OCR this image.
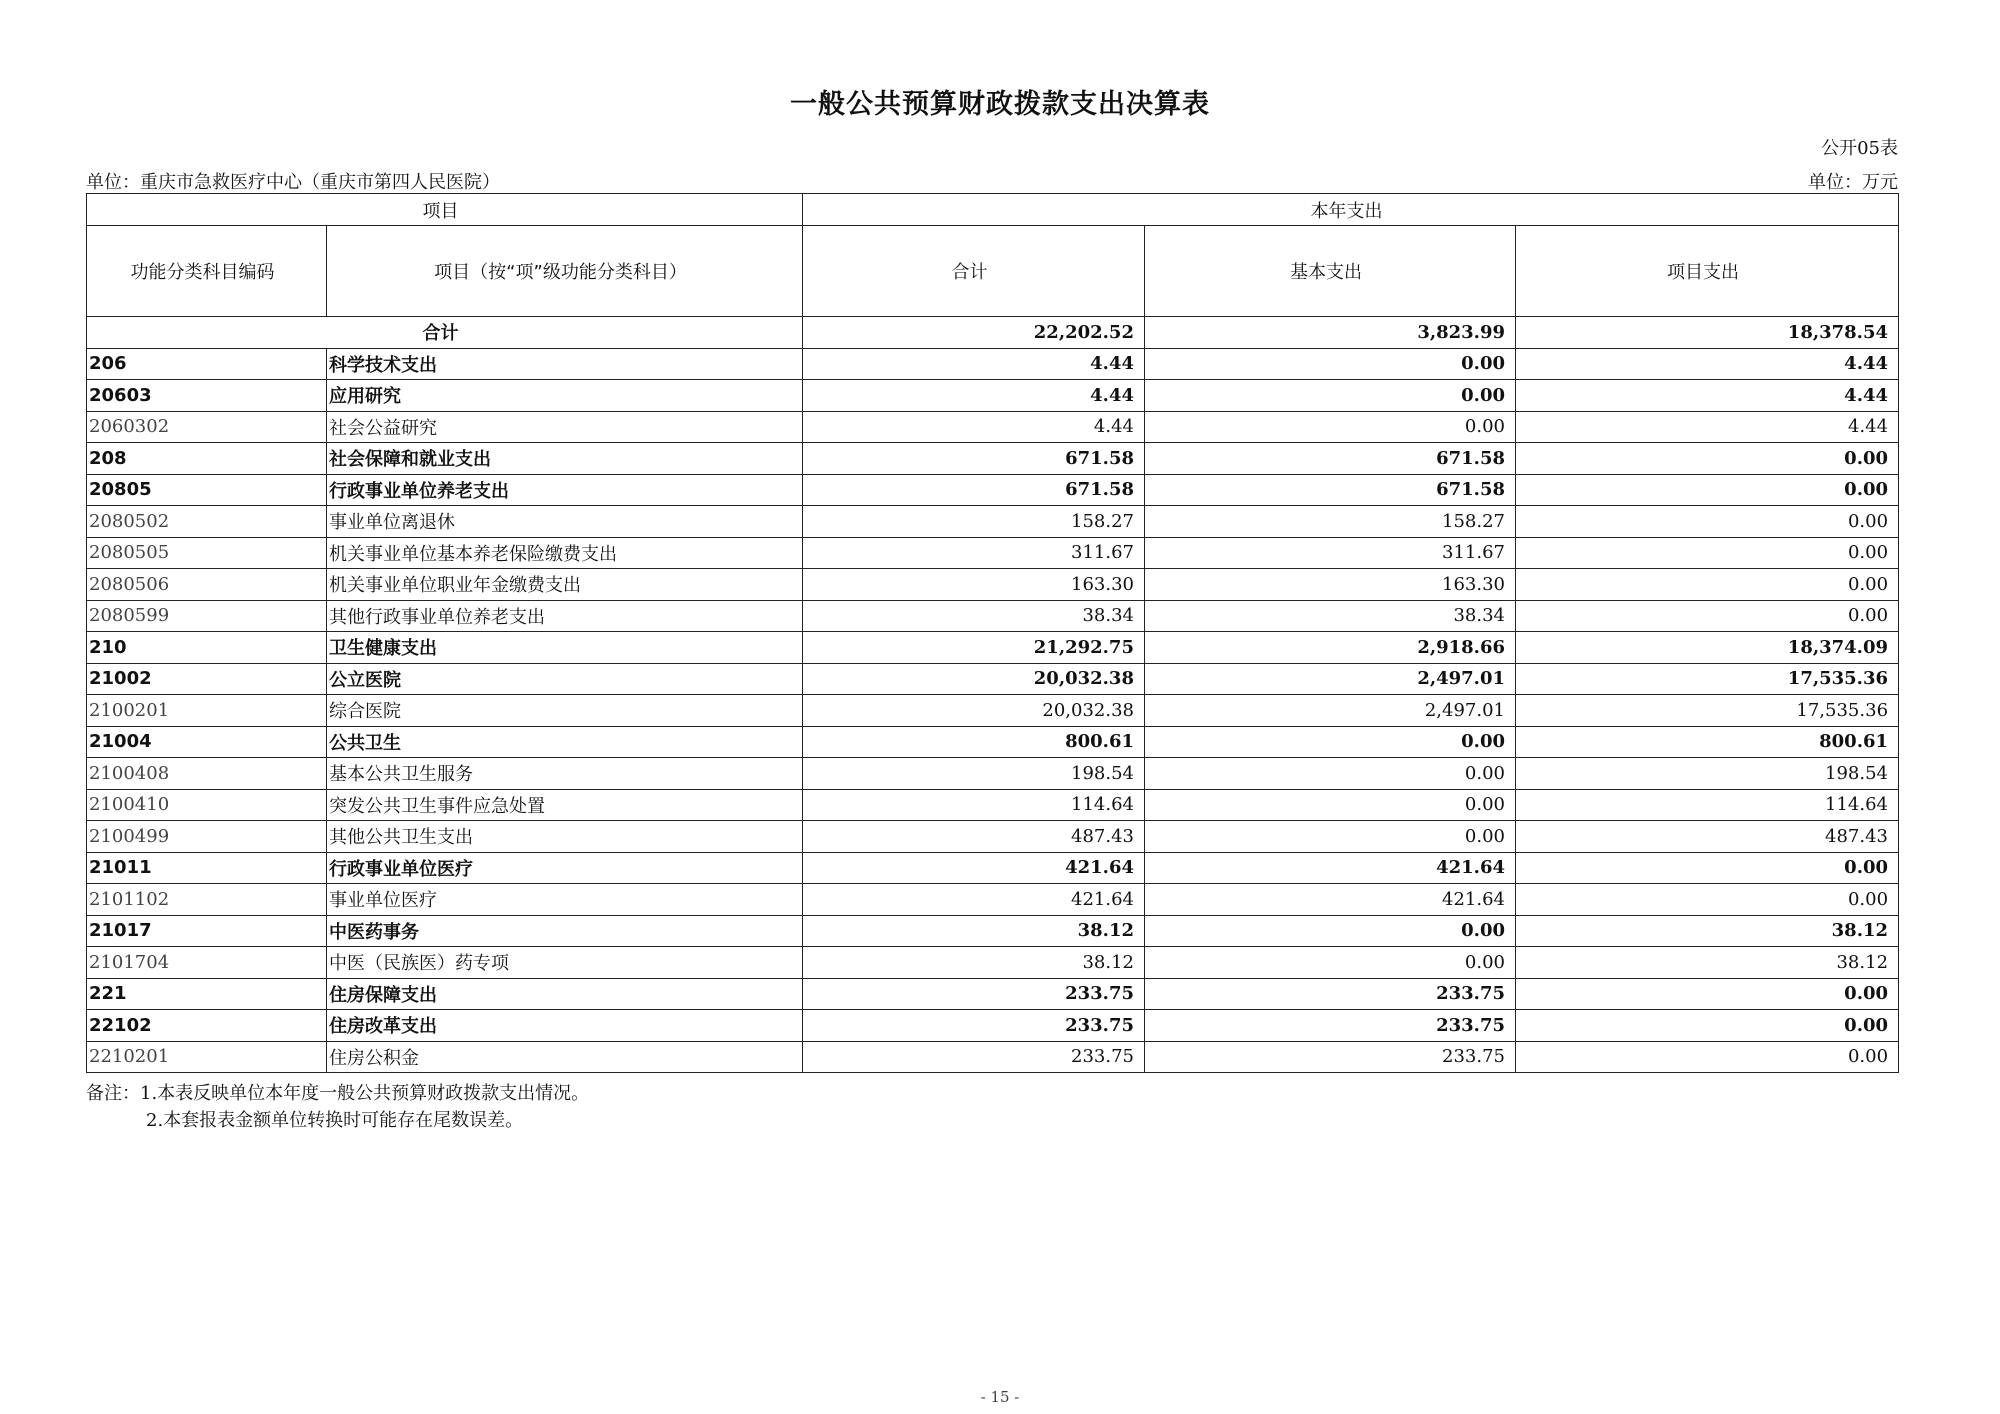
一般公共预算财政拨款支出决算表
公开05表
单位：重庆市急救医疗中心（重庆市第四人民医院）	单位：万元
项目		本年支出		
功能分类科目编码	项目（按“项”级功能分类科目）	合计	基本支出	项目支出
合计		22,202.52	3,823.99	18,378.54
206	科学技术支出	4.44	0.00	4.44
20603	应用研究	4.44	0.00	4.44
2060302	社会公益研究	4.44	0.00	4.44
208	社会保障和就业支出	671.58	671.58	0.00
20805	行政事业单位养老支出	671.58	671.58	0.00
2080502	事业单位离退休	158.27	158.27	0.00
2080505	机关事业单位基本养老保险缴费支出	311.67	311.67	0.00
2080506	机关事业单位职业年金缴费支出	163.30	163.30	0.00
2080599	其他行政事业单位养老支出	38.34	38.34	0.00
210	卫生健康支出	21,292.75	2,918.66	18,374.09
21002	公立医院	20,032.38	2,497.01	17,535.36
2100201	综合医院	20,032.38	2,497.01	17,535.36
21004	公共卫生	800.61	0.00	800.61
2100408	基本公共卫生服务	198.54	0.00	198.54
2100410	突发公共卫生事件应急处置	114.64	0.00	114.64
2100499	其他公共卫生支出	487.43	0.00	487.43
21011	行政事业单位医疗	421.64	421.64	0.00
2101102	事业单位医疗	421.64	421.64	0.00
21017	中医药事务	38.12	0.00	38.12
2101704	中医（民族医）药专项	38.12	0.00	38.12
221	住房保障支出	233.75	233.75	0.00
22102	住房改革支出	233.75	233.75	0.00
2210201	住房公积金	233.75	233.75	0.00
备注：1.本表反映单位本年度一般公共预算财政拨款支出情况。
2.本套报表金额单位转换时可能存在尾数误差。
- 15 -
